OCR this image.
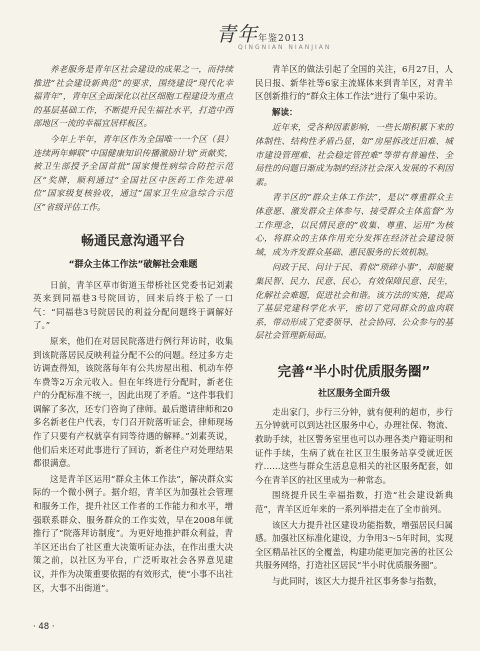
青年年鉴2013
QINGNIAN NIANJIAN

养老服务是青年区社会建设的成果之一，而持续推进“社会建设新典范”的要求，围绕建设“现代化幸福青年”，青年区全面深化以社区细胞工程建设为重点的基层基础工作，不断提升民生福社水平，打造中西部地区一流的幸福宜居样板区。

今年上半年，青年区作为全国唯一一个区（县）连续两年蝉联“中国健康知识传播激励计划”贡献奖，被卫生部授予全国首批“国家慢性病综合防控示范区”奖牌，顺利通过“全国社区中医药工作先进单位”国家级复核验收，通过“国家卫生应急综合示范区”省级评估工作。

畅通民意沟通平台
“群众主体工作法”破解社会难题

日前，青羊区草市街道玉带桥社区党委书记刘素英来到同福巷3号院回访，回来后终于松了一口气：“同福巷3号院居民的利益分配问题终于调解好了。”

原来，他们在对居民院落进行例行拜访时，收集到该院落居民反映利益分配不公的问题。经过多方走访调查得知，该院落每年有公共房屋出租、机动车停车费等2万余元收入。但在年终进行分配时，新老住户的分配标准不统一，因此出现了矛盾。“这件事我们调解了多次，还专门咨询了律师。最后邀请律师和20多名新老住户代表，专门召开院落听证会，律师现场作了只要有产权就享有同等待遇的解释。”刘素英说，他们后来还对此事进行了回访，新老住户对处理结果都很满意。

这是青羊区运用“群众主体工作法”，解决群众实际的一个微小例子。据介绍，青羊区为加强社会管理和服务工作，提升社区工作者的工作能力和水平，增强联系群众、服务群众的工作实效，早在2008年就推行了“院落拜访制度”。为更好地推护群众利益，青羊区还出台了社区重大决策听证办法，在作出重大决策之前，以社区为平台，广泛听取社会各界意见建议，并作为决策重要依据的有效形式，使“小事不出社区，大事不出街道”。

青羊区的做法引起了全国的关注，6月27日，人民日报、新华社等6家主流媒体来到青羊区，对青羊区创新推行的“群众主体工作法”进行了集中采访。

解读：

近年来，受各种因素影响，一些长期积累下来的体制性、结构性矛盾凸显，如“房屋拆改迁旧难、城市建设管理难、社会稳定管控难”等带有普遍性、全局性的问题日渐成为制约经济社会深入发展的不利因素。

青羊区的“群众主体工作法”，是以“尊重群众主体意愿、激发群众主体参与、接受群众主体监督”为工作理念，以民情民意的“收集、尊重、运用”为核心，将群众的主体作用充分发挥在经济社会建设领域，成为齐发群众基础、惠民服务的长效机制。

问政于民、问计于民、看似“琐碎小事”，却能聚集民智、民力、民意、民心，有效保障民意、民生，化解社会难题，促进社会和谐。该方法的实施，提高了基层党建科学化水平，密切了党同群众的血肉联系，带动形成了党委领导、社会协同、公众参与的基层社会管理新局面。

完善“半小时优质服务圈”
社区服务全面升级

走出家门，步行三分钟，就有便利的超市，步行五分钟就可以到达社区服务中心，办理社保、物流、救助手续，社区警务室里也可以办理各类户籍证明和证件手续，生病了就在社区卫生服务站享受就近医疗……这些与群众生活息息相关的社区服务配套，如今在青羊区的社区里成为一种常态。

围绕提升民生幸福指数，打造“社会建设新典范”，青羊区近年来的一系列举措走在了全市前列。

该区大力提升社区建设功能指数，增强居民归属感。加强社区标准化建设，力争用3～5年时间，实现全区精品社区的全覆盖，构建功能更加完善的社区公共服务网络，打造社区居民“半小时优质服务圈”。

与此同时，该区大力提升社区事务参与指数，

· 48 ·
